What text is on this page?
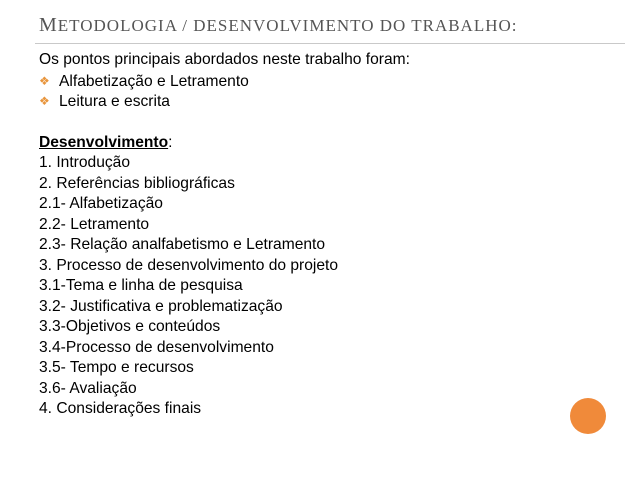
METODOLOGIA / DESENVOLVIMENTO DO TRABALHO:
Os pontos principais abordados neste trabalho foram:
❖ Alfabetização e Letramento
❖ Leitura e escrita
Desenvolvimento:
1. Introdução
2. Referências bibliográficas
2.1- Alfabetização
2.2- Letramento
2.3- Relação analfabetismo e Letramento
3. Processo de desenvolvimento do projeto
3.1-Tema e linha de pesquisa
3.2- Justificativa e problematização
3.3-Objetivos e conteúdos
3.4-Processo de desenvolvimento
3.5- Tempo e recursos
3.6- Avaliação
4. Considerações finais
